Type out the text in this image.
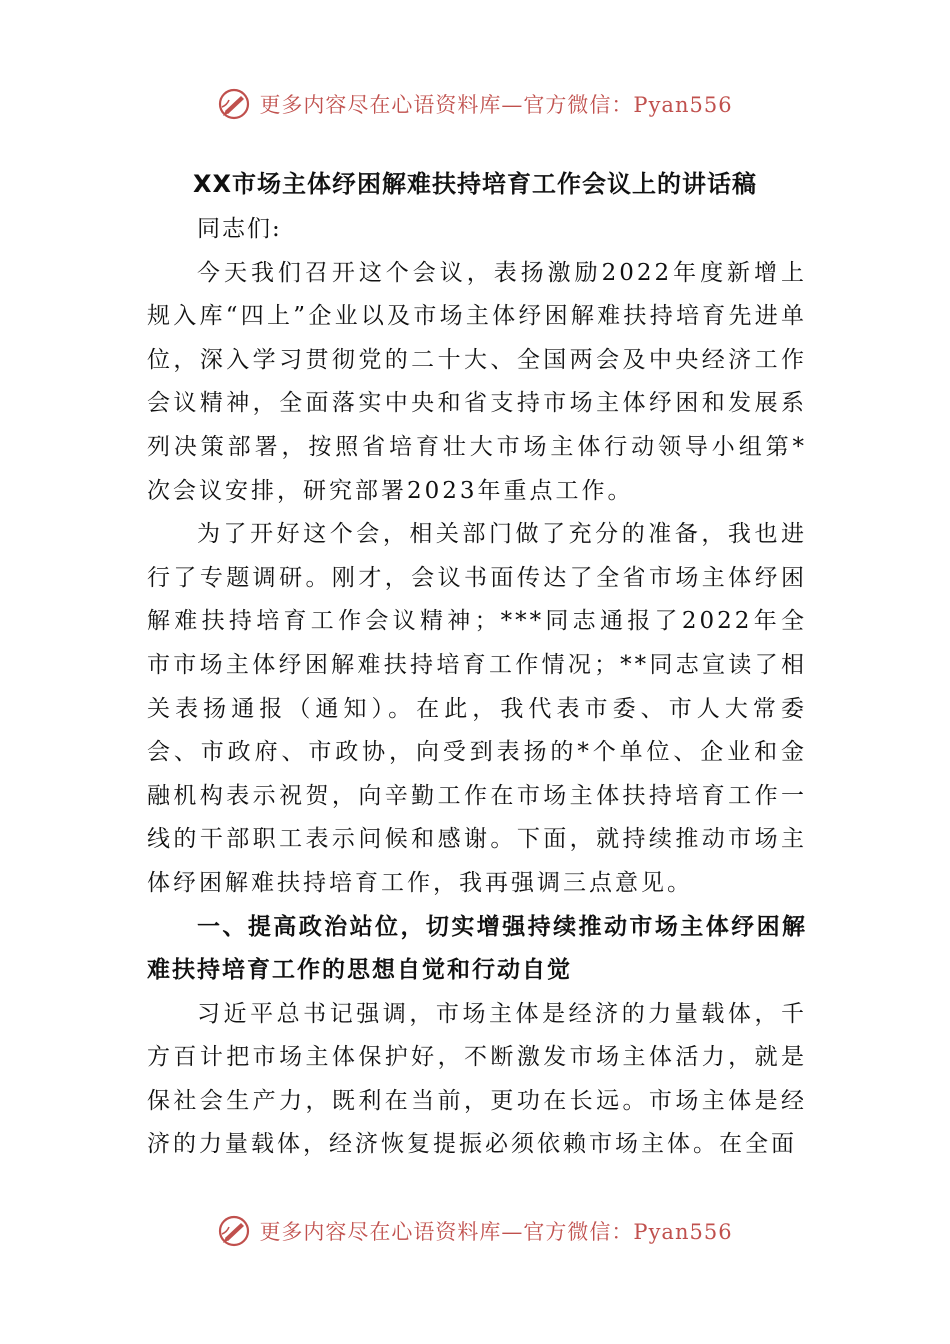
更多内容尽在心语资料库—官方微信：Pyan556
XX市场主体纾困解难扶持培育工作会议上的讲话稿

同志们:

今天我们召开这个会议，表扬激励2022年度新增上规入库“四上”企业以及市场主体纾困解难扶持培育先进单位，深入学习贯彻党的二十大、全国两会及中央经济工作会议精神，全面落实中央和省支持市场主体纾困和发展系列决策部署，按照省培育壮大市场主体行动领导小组第*次会议安排，研究部署2023年重点工作。

为了开好这个会，相关部门做了充分的准备，我也进行了专题调研。刚才，会议书面传达了全省市场主体纾困解难扶持培育工作会议精神；***同志通报了2022年全市市场主体纾困解难扶持培育工作情况；**同志宣读了相关表扬通报（通知）。在此，我代表市委、市人大常委会、市政府、市政协，向受到表扬的*个单位、企业和金融机构表示祝贺，向辛勤工作在市场主体扶持培育工作一线的干部职工表示问候和感谢。下面，就持续推动市场主体纾困解难扶持培育工作，我再强调三点意见。

一、提高政治站位，切实增强持续推动市场主体纾困解难扶持培育工作的思想自觉和行动自觉

习近平总书记强调，市场主体是经济的力量载体，千方百计把市场主体保护好，不断激发市场主体活力，就是保社会生产力，既利在当前，更功在长远。市场主体是经济的力量载体，经济恢复提振必须依赖市场主体。在全面

更多内容尽在心语资料库—官方微信：Pyan556
